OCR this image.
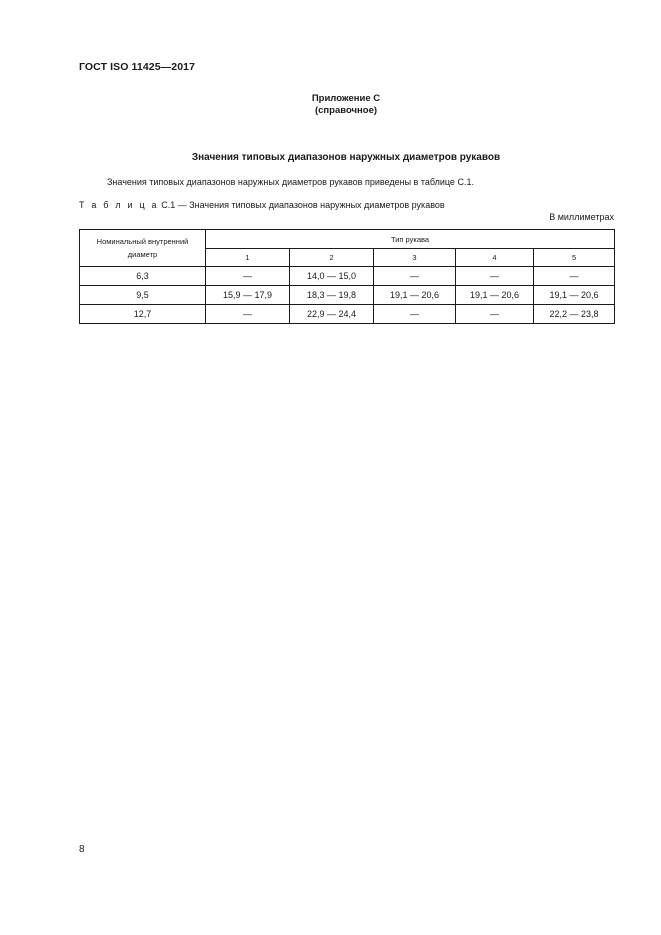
ГОСТ ISO 11425—2017
Приложение С
(справочное)
Значения типовых диапазонов наружных диаметров рукавов
Значения типовых диапазонов наружных диаметров рукавов приведены в таблице С.1.
Т а б л и ц а С.1 — Значения типовых диапазонов наружных диаметров рукавов
В миллиметрах
Номинальный внутренний
диаметр	Тип рукава				
	1	2	3	4	5
6,3	—	14,0 — 15,0	—	—	—
9,5	15,9 — 17,9	18,3 — 19,8	19,1 — 20,6	19,1 — 20,6	19,1 — 20,6
12,7	—	22,9 — 24,4	—	—	22,2 — 23,8
8
